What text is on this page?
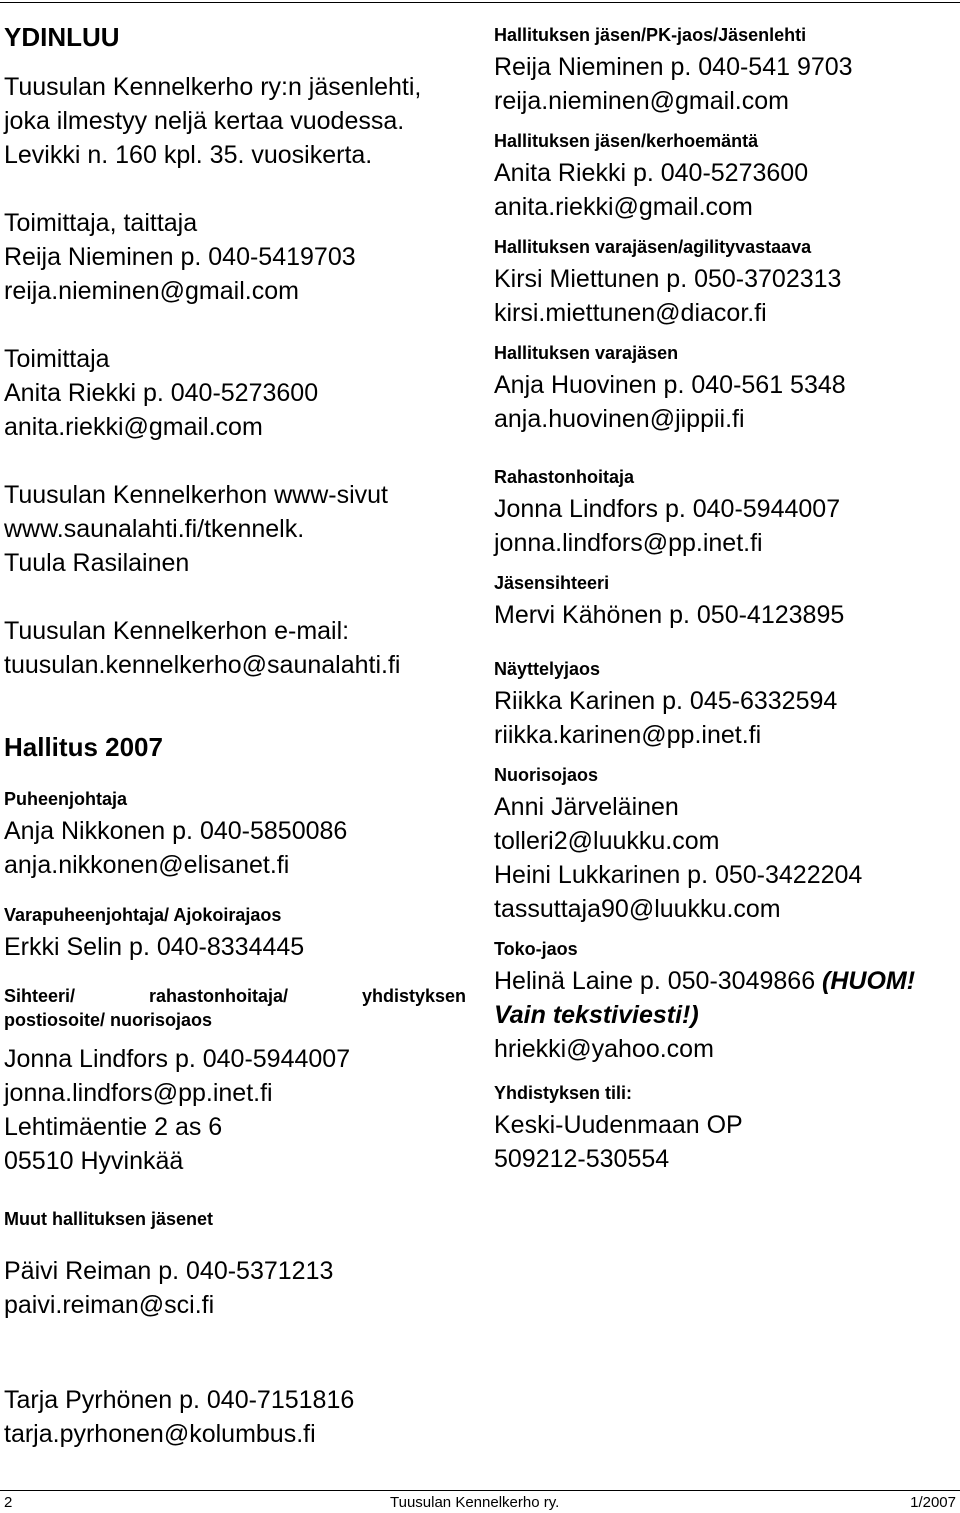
YDINLUU
Tuusulan Kennelkerho ry:n jäsenlehti,
joka ilmestyy neljä kertaa vuodessa.
Levikki n. 160 kpl. 35. vuosikerta.
Toimittaja, taittaja
Reija Nieminen p. 040-5419703
reija.nieminen@gmail.com
Toimittaja
Anita Riekki p. 040-5273600
anita.riekki@gmail.com
Tuusulan Kennelkerhon www-sivut
www.saunalahti.fi/tkennelk.
Tuula Rasilainen
Tuusulan Kennelkerhon e-mail:
tuusulan.kennelkerho@saunalahti.fi
Hallitus 2007
Puheenjohtaja
Anja Nikkonen p. 040-5850086
anja.nikkonen@elisanet.fi
Varapuheenjohtaja/ Ajokoirajaos
Erkki Selin p. 040-8334445
Sihteeri/ rahastonhoitaja/ yhdistyksen
postiosoite/ nuorisojaos
Jonna Lindfors p. 040-5944007
jonna.lindfors@pp.inet.fi
Lehtimäentie 2 as 6
05510 Hyvinkää
Muut hallituksen jäsenet
Päivi Reiman p. 040-5371213
paivi.reiman@sci.fi
Tarja Pyrhönen p. 040-7151816
tarja.pyrhonen@kolumbus.fi
Hallituksen jäsen/PK-jaos/Jäsenlehti
Reija Nieminen p. 040-541 9703
reija.nieminen@gmail.com
Hallituksen jäsen/kerhoemäntä
Anita Riekki p. 040-5273600
anita.riekki@gmail.com
Hallituksen varajäsen/agilityvastaava
Kirsi Miettunen p. 050-3702313
kirsi.miettunen@diacor.fi
Hallituksen varajäsen
Anja Huovinen p. 040-561 5348
anja.huovinen@jippii.fi
Rahastonhoitaja
Jonna Lindfors p. 040-5944007
jonna.lindfors@pp.inet.fi
Jäsensihteeri
Mervi Kähönen p. 050-4123895
Näyttelyjaos
Riikka Karinen p. 045-6332594
riikka.karinen@pp.inet.fi
Nuorisojaos
Anni Järveläinen
tolleri2@luukku.com
Heini Lukkarinen p. 050-3422204
tassuttaja90@luukku.com
Toko-jaos
Helinä Laine p. 050-3049866 (HUOM!
Vain tekstiviesti!)
hriekki@yahoo.com
Yhdistyksen tili:
Keski-Uudenmaan OP
509212-530554
2	Tuusulan Kennelkerho ry.	1/2007
